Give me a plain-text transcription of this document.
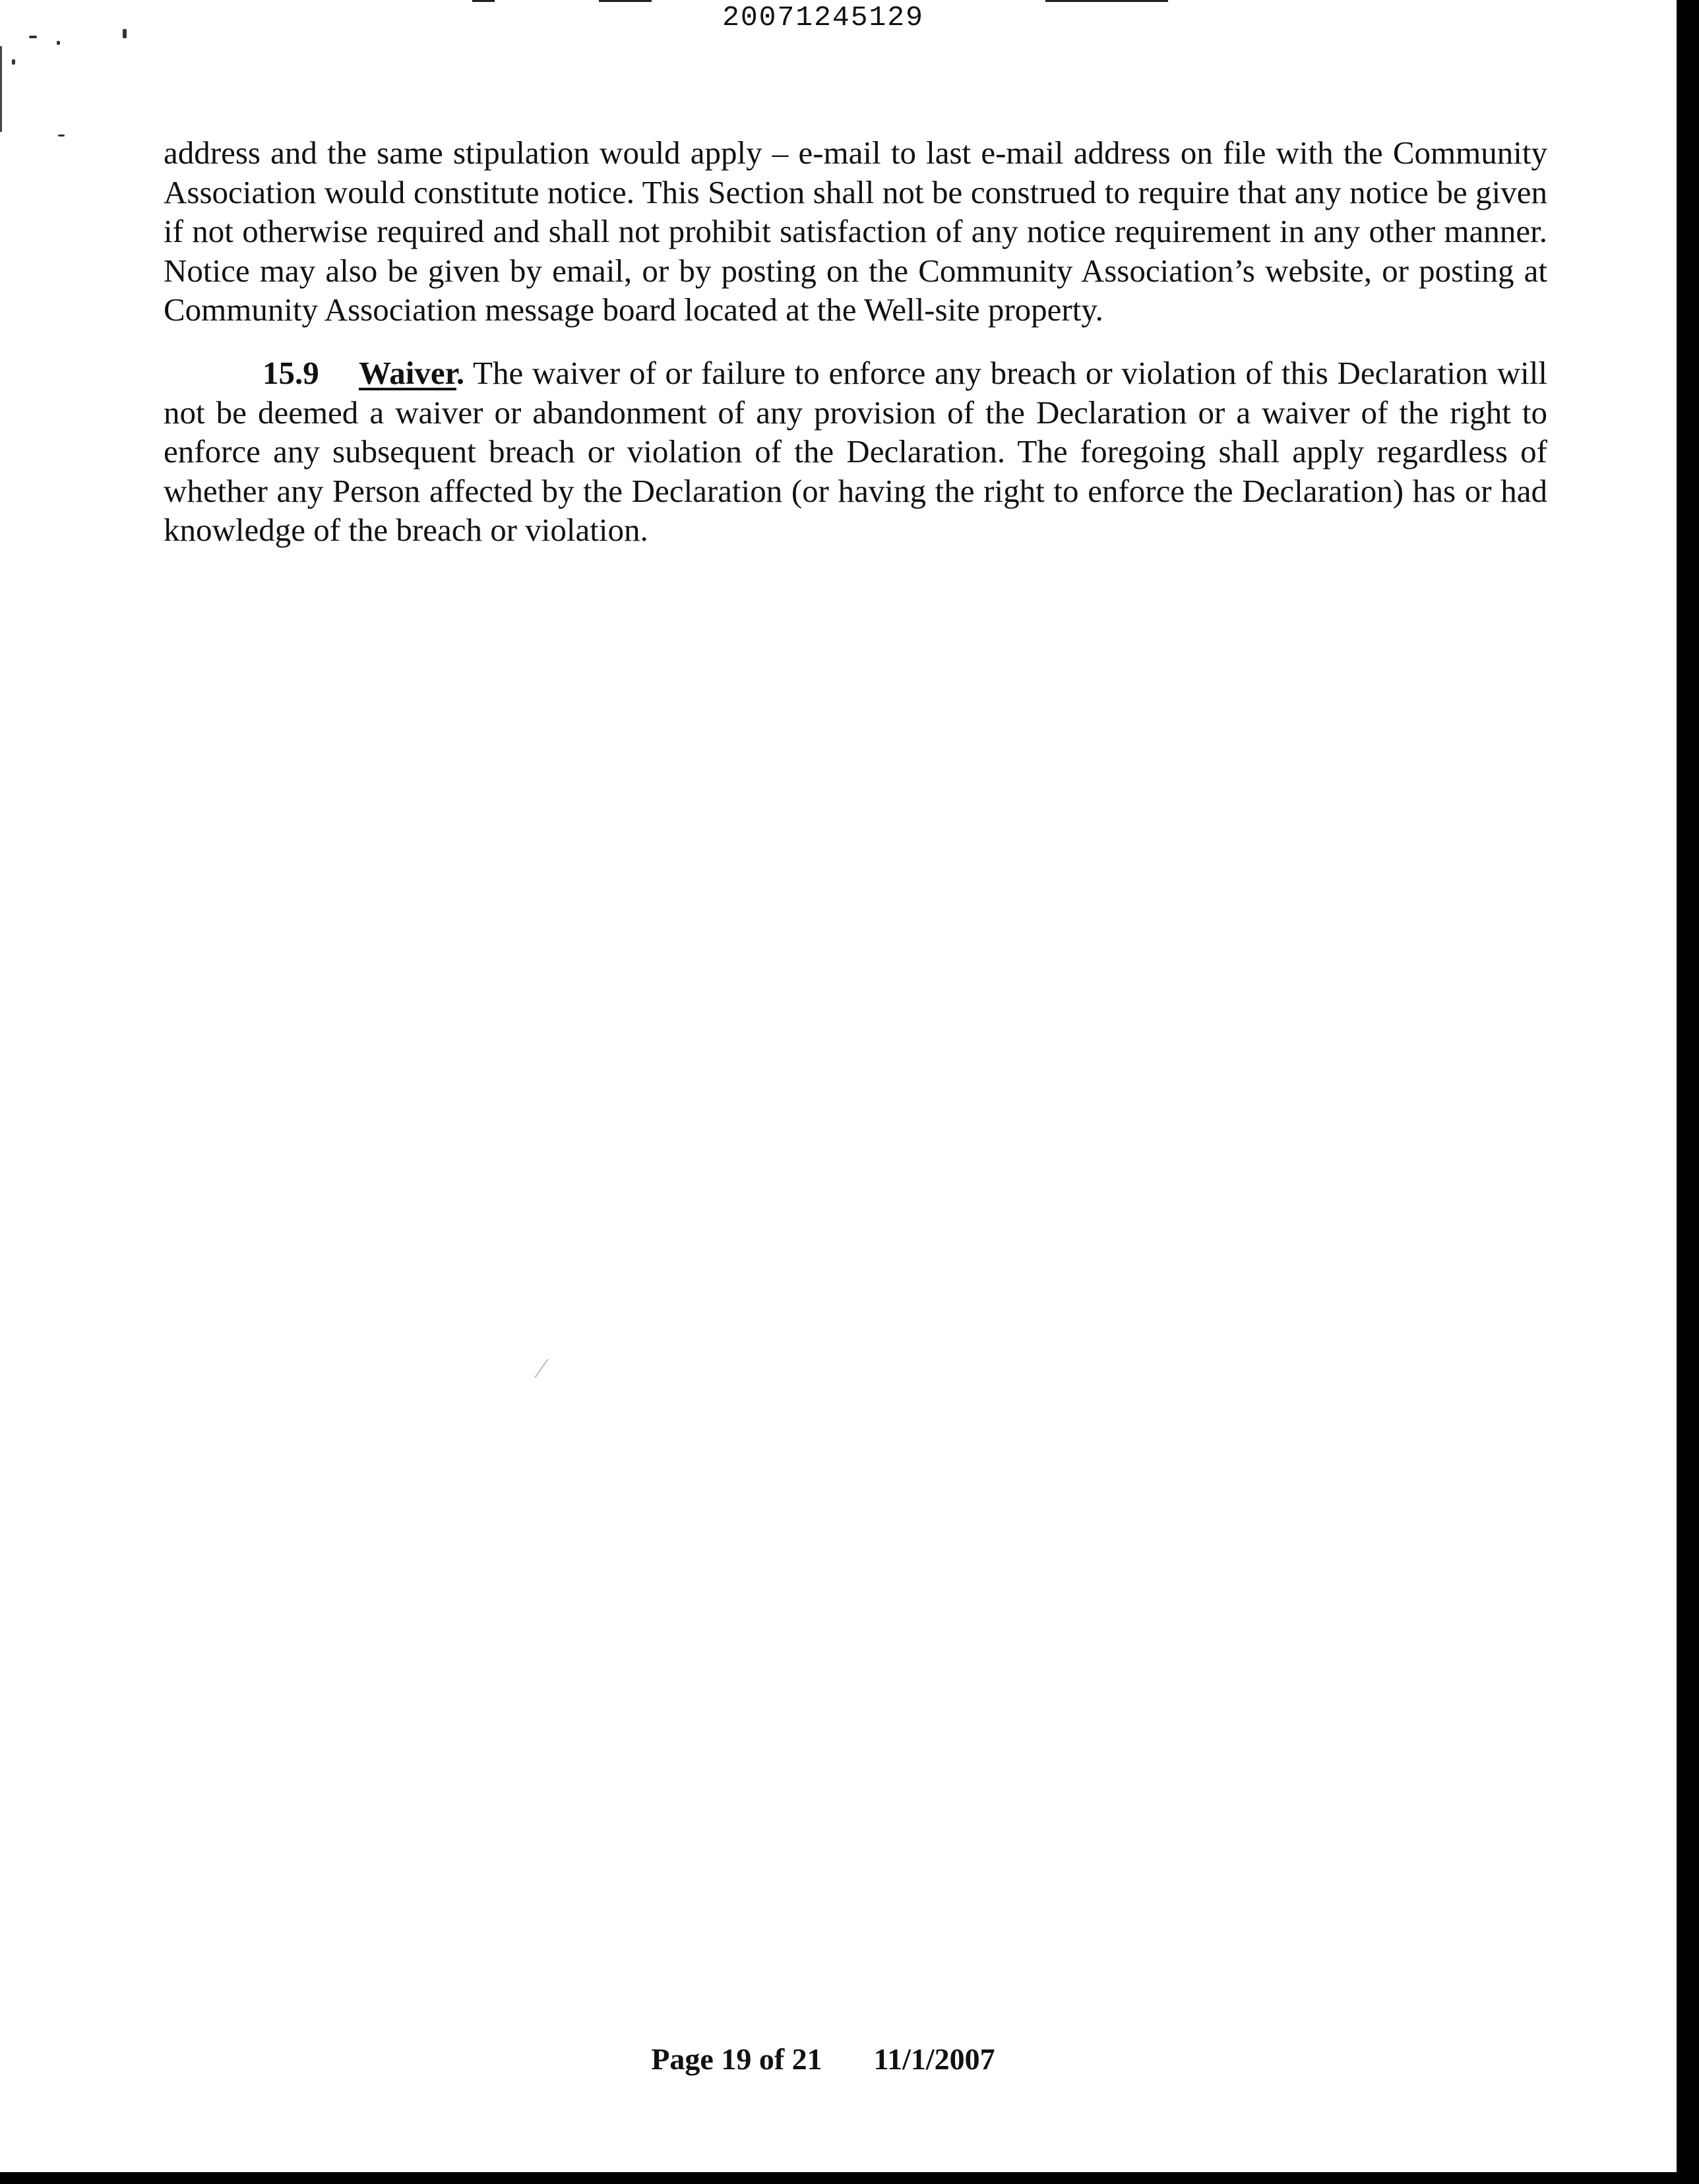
20071245129

address and the same stipulation would apply – e-mail to last e-mail address on file with the Community Association would constitute notice. This Section shall not be construed to require that any notice be given if not otherwise required and shall not prohibit satisfaction of any notice requirement in any other manner. Notice may also be given by email, or by posting on the Community Association’s website, or posting at Community Association message board located at the Well-site property.

15.9 Waiver. The waiver of or failure to enforce any breach or violation of this Declaration will not be deemed a waiver or abandonment of any provision of the Declaration or a waiver of the right to enforce any subsequent breach or violation of the Declaration. The foregoing shall apply regardless of whether any Person affected by the Declaration (or having the right to enforce the Declaration) has or had knowledge of the breach or violation.

Page 19 of 21 11/1/2007
